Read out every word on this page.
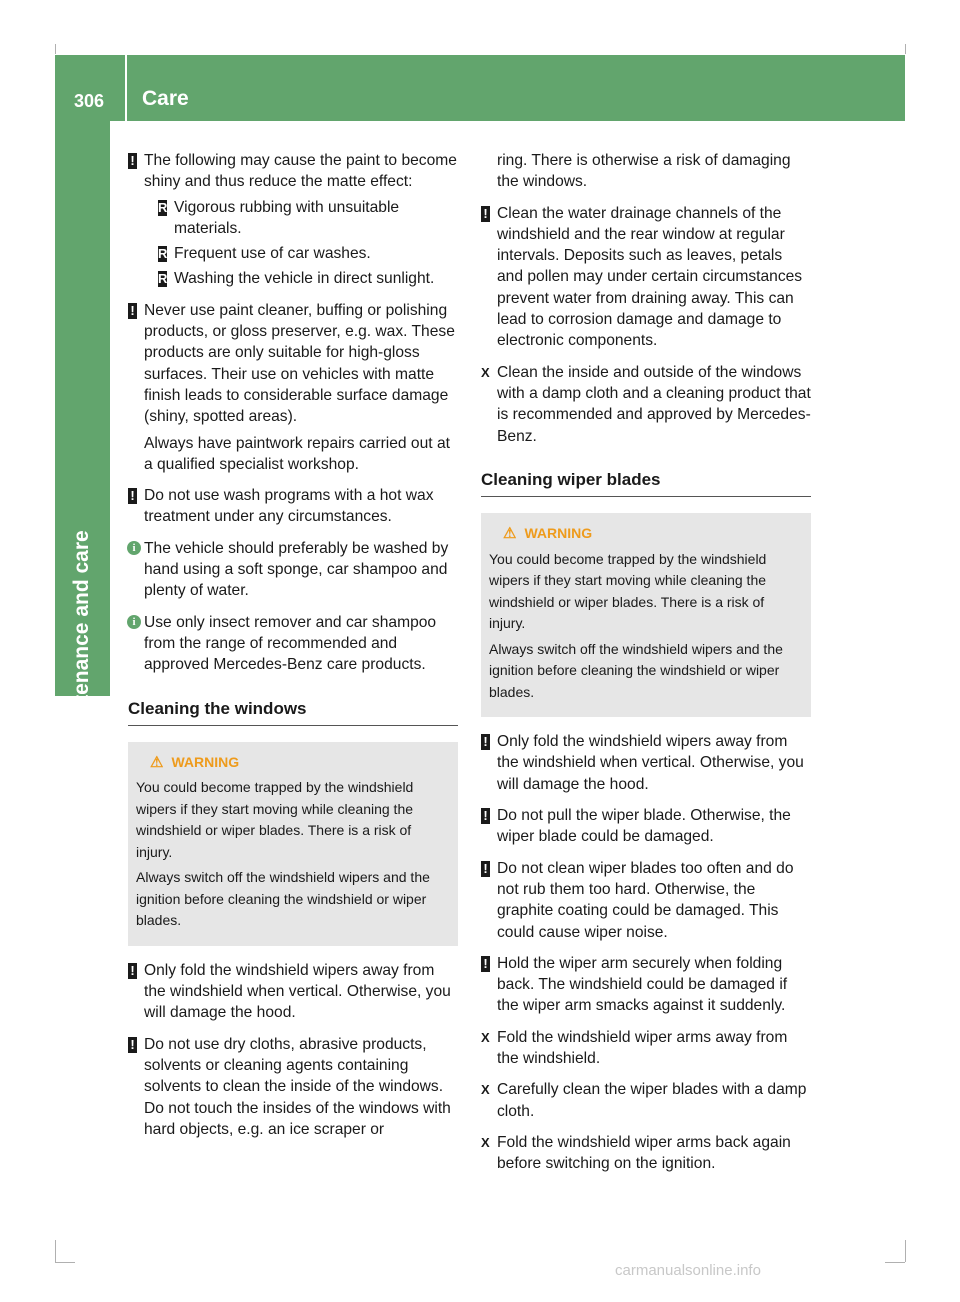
306	Care
Maintenance and care
! The following may cause the paint to become shiny and thus reduce the matte effect:
R Vigorous rubbing with unsuitable materials.
R Frequent use of car washes.
R Washing the vehicle in direct sunlight.
! Never use paint cleaner, buffing or polishing products, or gloss preserver, e.g. wax. These products are only suitable for high-gloss surfaces. Their use on vehicles with matte finish leads to considerable surface damage (shiny, spotted areas).
Always have paintwork repairs carried out at a qualified specialist workshop.
! Do not use wash programs with a hot wax treatment under any circumstances.
i The vehicle should preferably be washed by hand using a soft sponge, car shampoo and plenty of water.
i Use only insect remover and car shampoo from the range of recommended and approved Mercedes-Benz care products.
Cleaning the windows
⚠ WARNING

You could become trapped by the windshield wipers if they start moving while cleaning the windshield or wiper blades. There is a risk of injury.

Always switch off the windshield wipers and the ignition before cleaning the windshield or wiper blades.

! Only fold the windshield wipers away from the windshield when vertical. Otherwise, you will damage the hood.
! Do not use dry cloths, abrasive products, solvents or cleaning agents containing solvents to clean the inside of the windows. Do not touch the insides of the windows with hard objects, e.g. an ice scraper or
ring. There is otherwise a risk of damaging the windows.
! Clean the water drainage channels of the windshield and the rear window at regular intervals. Deposits such as leaves, petals and pollen may under certain circumstances prevent water from draining away. This can lead to corrosion damage and damage to electronic components.
X Clean the inside and outside of the windows with a damp cloth and a cleaning product that is recommended and approved by Mercedes-Benz.
Cleaning wiper blades
⚠ WARNING

You could become trapped by the windshield wipers if they start moving while cleaning the windshield or wiper blades. There is a risk of injury.

Always switch off the windshield wipers and the ignition before cleaning the windshield or wiper blades.

! Only fold the windshield wipers away from the windshield when vertical. Otherwise, you will damage the hood.
! Do not pull the wiper blade. Otherwise, the wiper blade could be damaged.
! Do not clean wiper blades too often and do not rub them too hard. Otherwise, the graphite coating could be damaged. This could cause wiper noise.
! Hold the wiper arm securely when folding back. The windshield could be damaged if the wiper arm smacks against it suddenly.
X Fold the windshield wiper arms away from the windshield.
X Carefully clean the wiper blades with a damp cloth.
X Fold the windshield wiper arms back again before switching on the ignition.
carmanualsonline.info
